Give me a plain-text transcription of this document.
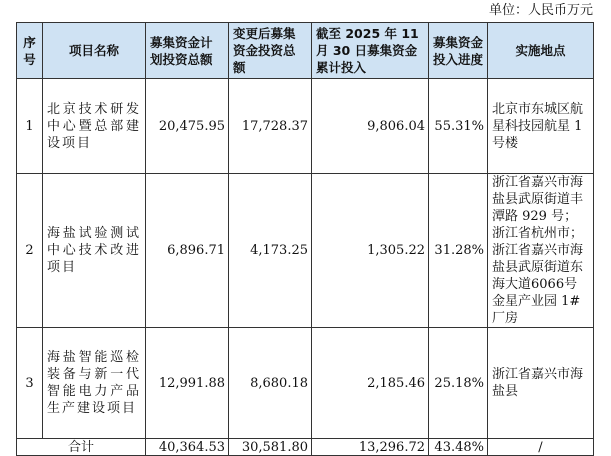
单位：人民币万元
序号	项目名称	募集资金计划投资总额	变更后募集资金投资总额	截至 2025 年 11 月 30 日募集资金累计投入	募集资金投入进度	实施地点
1	北京技术研发中心暨总部建设项目	20,475.95	17,728.37	9,806.04	55.31%	北京市东城区航星科技园航星 1 号楼
2	海盐试验测试中心技术改进项目	6,896.71	4,173.25	1,305.22	31.28%	浙江省嘉兴市海盐县武原街道丰潭路 929 号；浙江省杭州市；浙江省嘉兴市海盐县武原街道东海大道6066号金星产业园 1#厂房
3	海盐智能巡检装备与新一代智能电力产品生产建设项目	12,991.88	8,680.18	2,185.46	25.18%	浙江省嘉兴市海盐县
合计		40,364.53	30,581.80	13,296.72	43.48%	/
